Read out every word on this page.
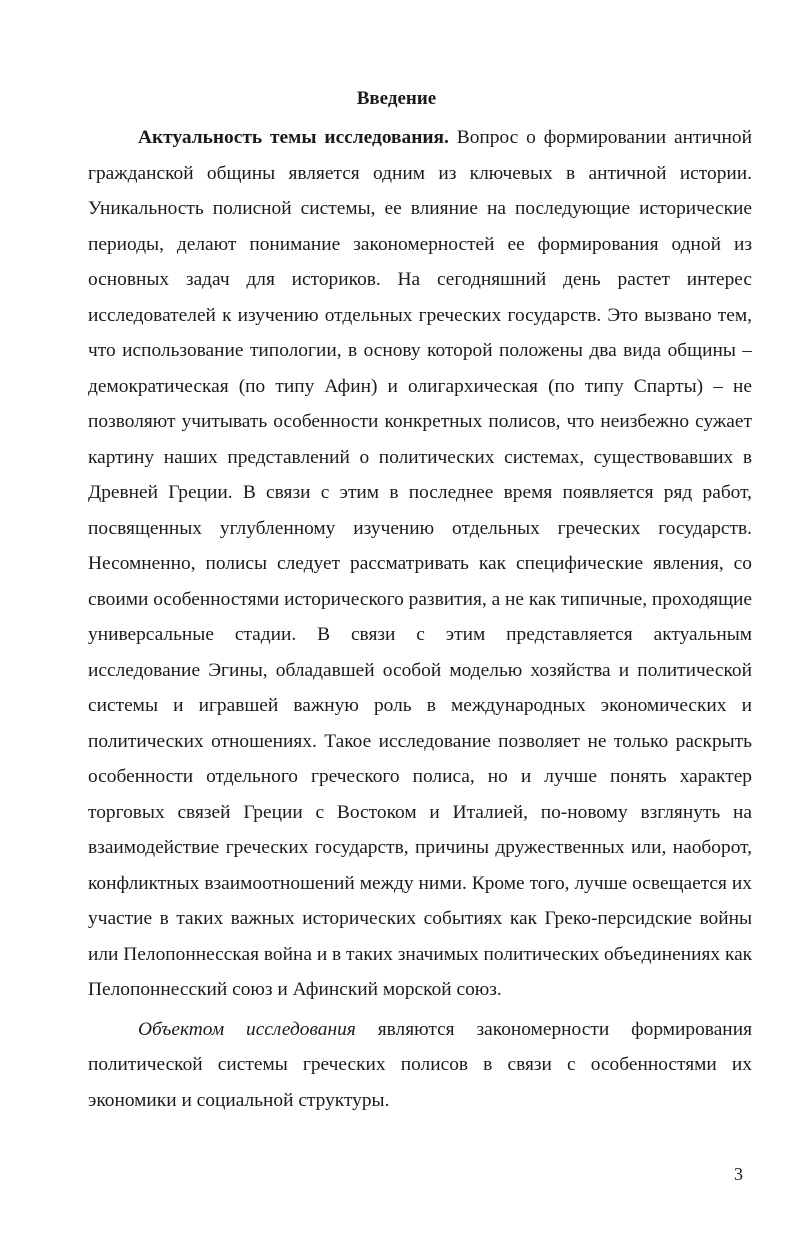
Введение
Актуальность темы исследования. Вопрос о формировании античной
гражданской общины является одним из ключевых в античной истории.
Уникальность полисной системы, ее влияние на последующие исторические
периоды, делают понимание закономерностей ее формирования одной из
основных задач для историков. На сегодняшний день растет интерес
исследователей к изучению отдельных греческих государств. Это вызвано тем,
что использование типологии, в основу которой положены два вида общины –
демократическая (по типу Афин) и олигархическая (по типу Спарты) – не
позволяют учитывать особенности конкретных полисов, что неизбежно сужает
картину наших представлений о политических системах, существовавших в
Древней Греции. В связи с этим в последнее время появляется ряд работ,
посвященных углубленному изучению отдельных греческих государств.
Несомненно, полисы следует рассматривать как специфические явления, со
своими особенностями исторического развития, а не как типичные, проходящие
универсальные стадии. В связи с этим представляется актуальным
исследование Эгины, обладавшей особой моделью хозяйства и политической
системы и игравшей важную роль в международных экономических и
политических отношениях. Такое исследование позволяет не только раскрыть
особенности отдельного греческого полиса, но и лучше понять характер
торговых связей Греции с Востоком и Италией, по-новому взглянуть на
взаимодействие греческих государств, причины дружественных или, наоборот,
конфликтных взаимоотношений между ними. Кроме того, лучше освещается их
участие в таких важных исторических событиях как Греко-персидские войны
или Пелопоннесская война и в таких значимых политических объединениях как
Пелопоннесский союз и Афинский морской союз.
Объектом исследования являются закономерности формирования
политической системы греческих полисов в связи с особенностями их
экономики и социальной структуры.
3
